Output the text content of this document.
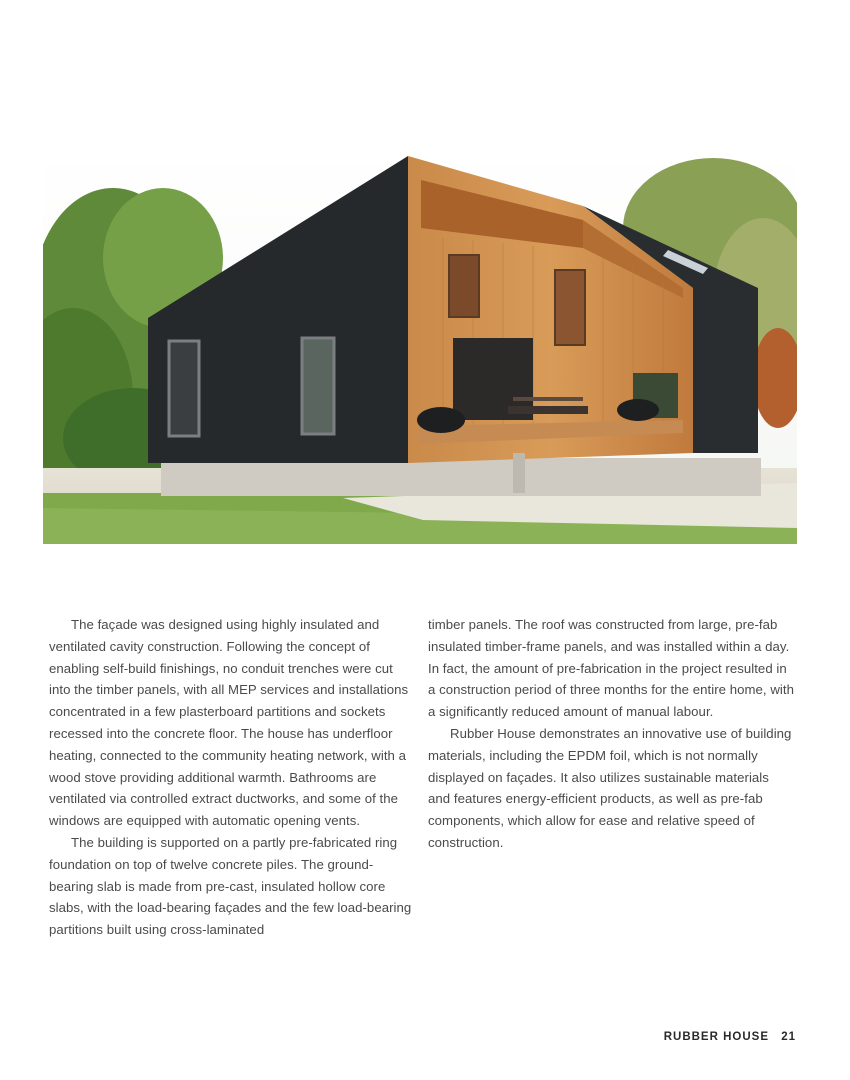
The façade was designed using highly insulated and ventilated cavity construction. Following the concept of enabling self-build finishings, no conduit trenches were cut into the timber panels, with all MEP services and installations concentrated in a few plasterboard partitions and sockets recessed into the concrete floor. The house has underfloor heating, connected to the community heating network, with a wood stove providing additional warmth. Bathrooms are ventilated via controlled extract ductworks, and some of the windows are equipped with automatic opening vents.

The building is supported on a partly pre-fabricated ring foundation on top of twelve concrete piles. The ground-bearing slab is made from pre-cast, insulated hollow core slabs, with the load-bearing façades and the few load-bearing partitions built using cross-laminated

timber panels. The roof was constructed from large, pre-fab insulated timber-frame panels, and was installed within a day. In fact, the amount of pre-fabrication in the project resulted in a construction period of three months for the entire home, with a significantly reduced amount of manual labour.

Rubber House demonstrates an innovative use of building materials, including the EPDM foil, which is not normally displayed on façades. It also utilizes sustainable materials and features energy-efficient products, as well as pre-fab components, which allow for ease and relative speed of construction.

RUBBER HOUSE 21
